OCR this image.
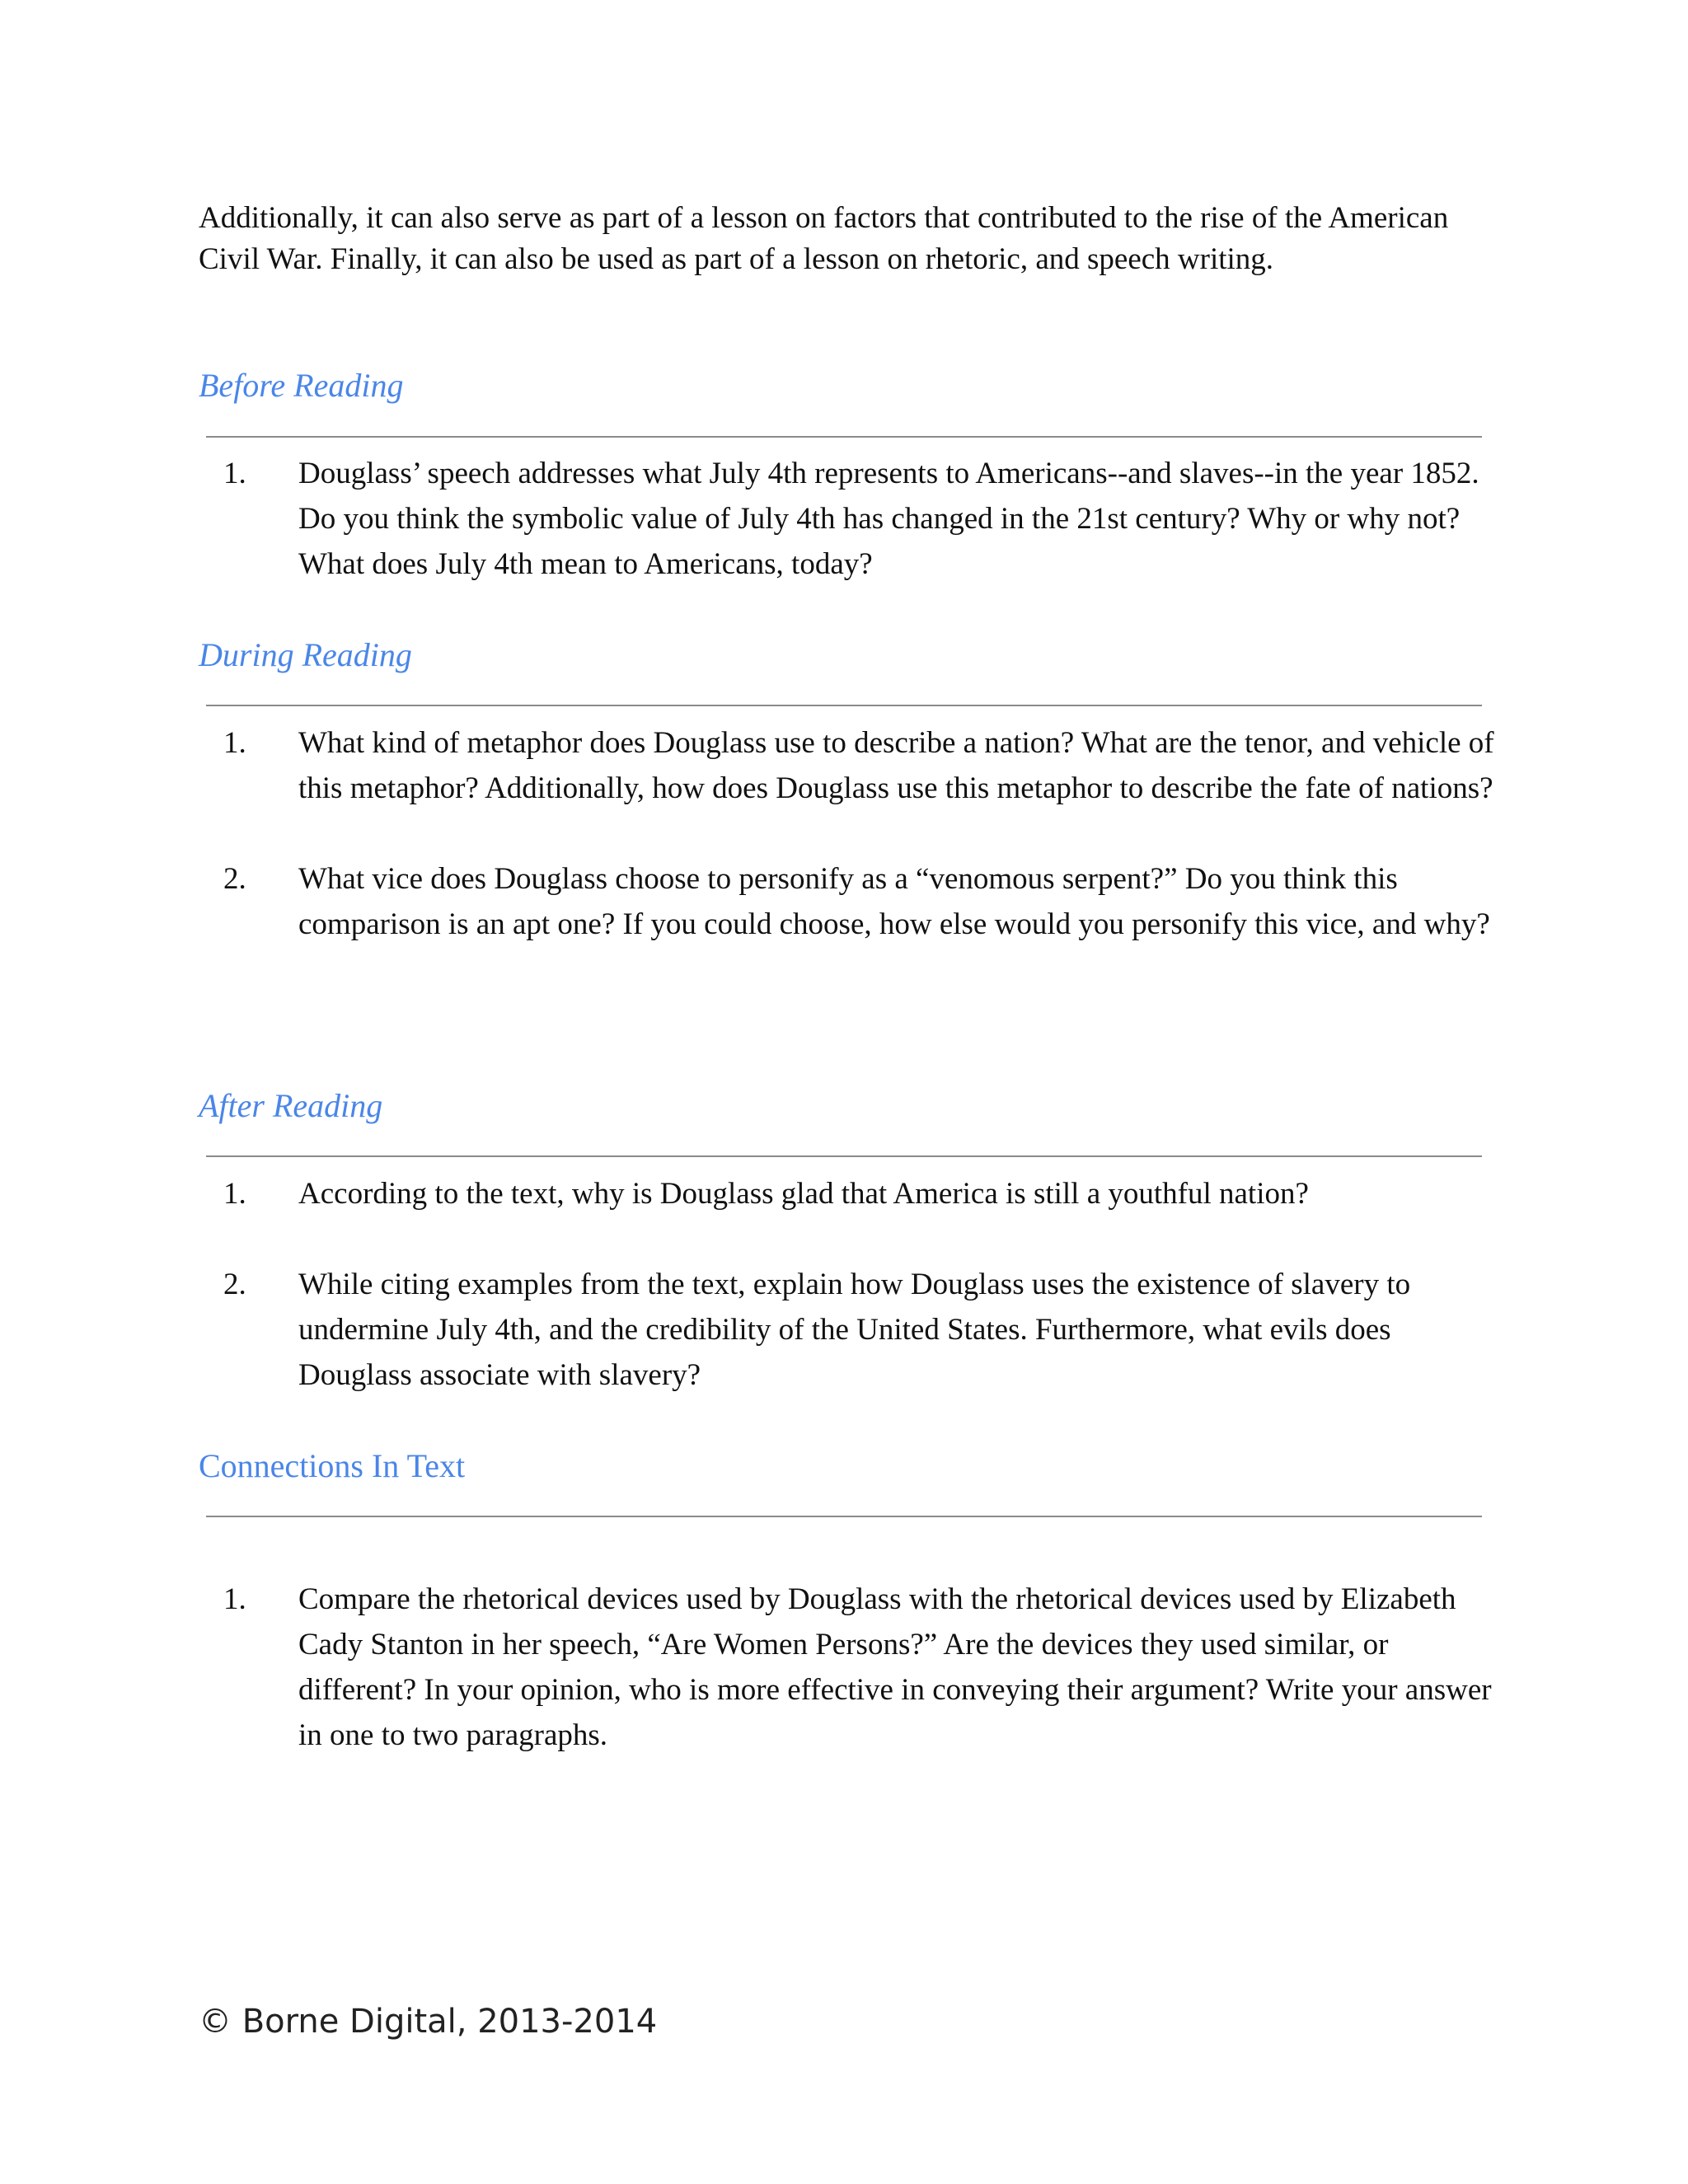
Additionally, it can also serve as part of a lesson on factors that contributed to the rise of the American Civil War. Finally, it can also be used as part of a lesson on rhetoric, and speech writing.

Before Reading
1.	Douglass’ speech addresses what July 4th represents to Americans--and slaves--in the year 1852. Do you think the symbolic value of July 4th has changed in the 21st century? Why or why not? What does July 4th mean to Americans, today?
During Reading
1.	What kind of metaphor does Douglass use to describe a nation? What are the tenor, and vehicle of this metaphor? Additionally, how does Douglass use this metaphor to describe the fate of nations?
2.	What vice does Douglass choose to personify as a “venomous serpent?” Do you think this comparison is an apt one? If you could choose, how else would you personify this vice, and why?
After Reading
1.	According to the text, why is Douglass glad that America is still a youthful nation?
2.	While citing examples from the text, explain how Douglass uses the existence of slavery to undermine July 4th, and the credibility of the United States. Furthermore, what evils does Douglass associate with slavery?
Connections In Text
1.	Compare the rhetorical devices used by Douglass with the rhetorical devices used by Elizabeth Cady Stanton in her speech, “Are Women Persons?” Are the devices they used similar, or different? In your opinion, who is more effective in conveying their argument? Write your answer in one to two paragraphs.

© Borne Digital, 2013-2014
